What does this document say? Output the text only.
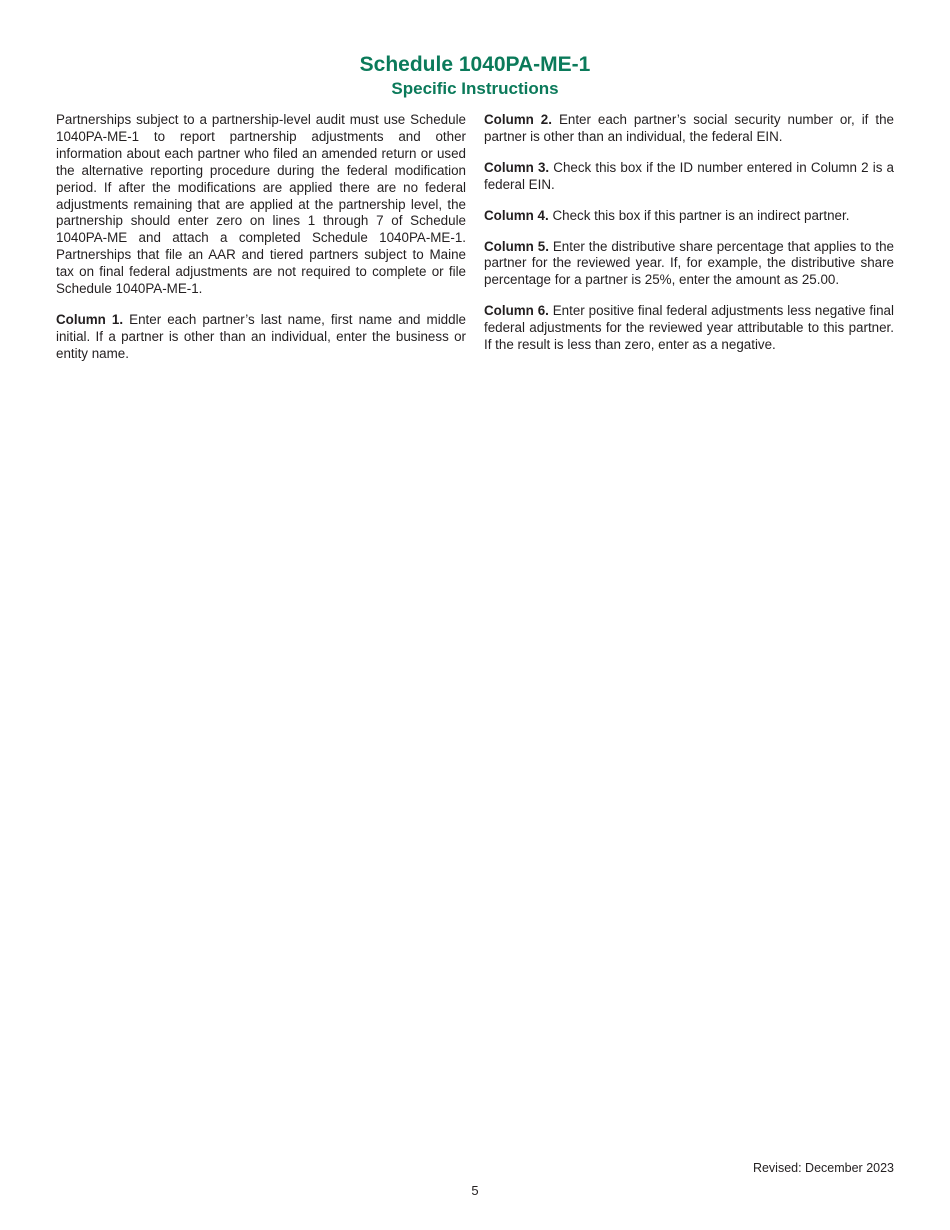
Schedule 1040PA-ME-1
Specific Instructions

Partnerships subject to a partnership-level audit must use Schedule 1040PA-ME-1 to report partnership adjustments and other information about each partner who filed an amended return or used the alternative reporting procedure during the federal modification period. If after the modifications are applied there are no federal adjustments remaining that are applied at the partnership level, the partnership should enter zero on lines 1 through 7 of Schedule 1040PA-ME and attach a completed Schedule 1040PA-ME-1. Partnerships that file an AAR and tiered partners subject to Maine tax on final federal adjustments are not required to complete or file Schedule 1040PA-ME-1.

Column 1. Enter each partner’s last name, first name and middle initial. If a partner is other than an individual, enter the business or entity name.

Column 2. Enter each partner’s social security number or, if the partner is other than an individual, the federal EIN.

Column 3. Check this box if the ID number entered in Column 2 is a federal EIN.

Column 4. Check this box if this partner is an indirect partner.

Column 5. Enter the distributive share percentage that applies to the partner for the reviewed year. If, for example, the distributive share percentage for a partner is 25%, enter the amount as 25.00.

Column 6. Enter positive final federal adjustments less negative final federal adjustments for the reviewed year attributable to this partner. If the result is less than zero, enter as a negative.

Revised: December 2023
5
